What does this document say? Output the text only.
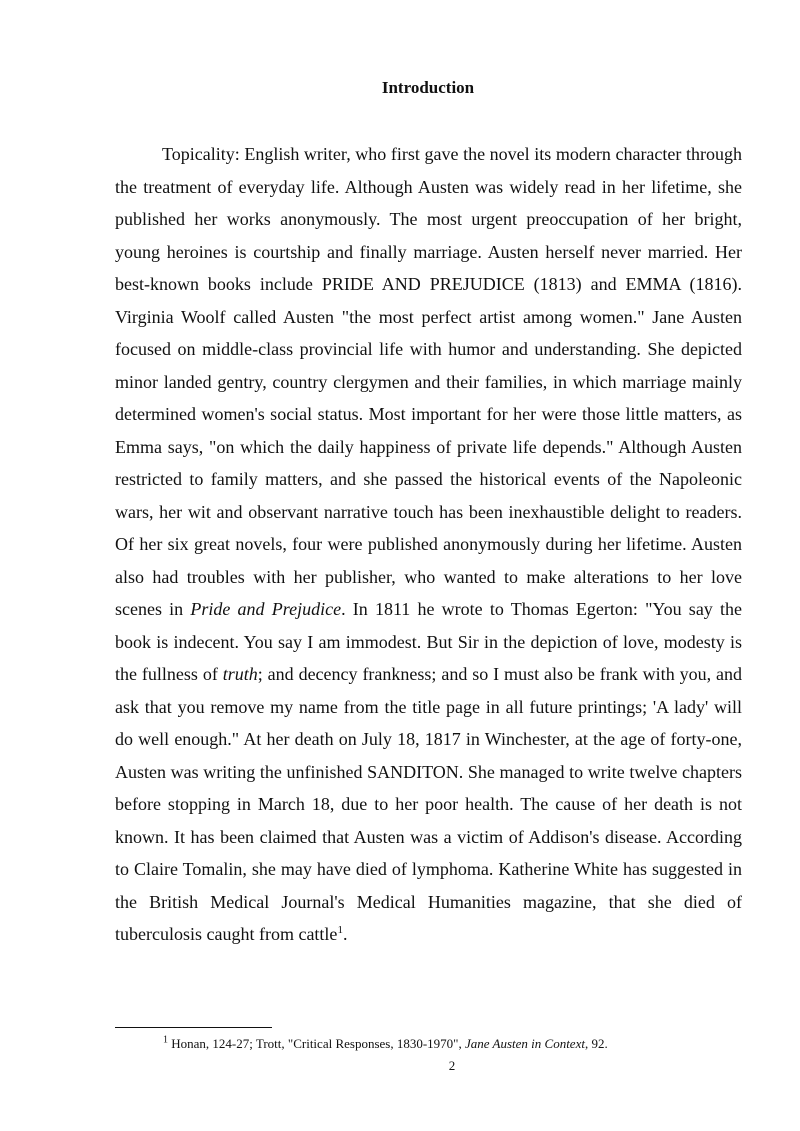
Introduction

Topicality: English writer, who first gave the novel its modern character through the treatment of everyday life. Although Austen was widely read in her lifetime, she published her works anonymously. The most urgent preoccupation of her bright, young heroines is courtship and finally marriage. Austen herself never married. Her best-known books include PRIDE AND PREJUDICE (1813) and EMMA (1816). Virginia Woolf called Austen "the most perfect artist among women." Jane Austen focused on middle-class provincial life with humor and understanding. She depicted minor landed gentry, country clergymen and their families, in which marriage mainly determined women's social status. Most important for her were those little matters, as Emma says, "on which the daily happiness of private life depends." Although Austen restricted to family matters, and she passed the historical events of the Napoleonic wars, her wit and observant narrative touch has been inexhaustible delight to readers. Of her six great novels, four were published anonymously during her lifetime. Austen also had troubles with her publisher, who wanted to make alterations to her love scenes in Pride and Prejudice. In 1811 he wrote to Thomas Egerton: "You say the book is indecent. You say I am immodest. But Sir in the depiction of love, modesty is the fullness of truth; and decency frankness; and so I must also be frank with you, and ask that you remove my name from the title page in all future printings; 'A lady' will do well enough." At her death on July 18, 1817 in Winchester, at the age of forty-one, Austen was writing the unfinished SANDITON. She managed to write twelve chapters before stopping in March 18, due to her poor health. The cause of her death is not known. It has been claimed that Austen was a victim of Addison's disease. According to Claire Tomalin, she may have died of lymphoma. Katherine White has suggested in the British Medical Journal's Medical Humanities magazine, that she died of tuberculosis caught from cattle$^1$.

$^1$ Honan, 124-27; Trott, "Critical Responses, 1830-1970", Jane Austen in Context, 92.
2
